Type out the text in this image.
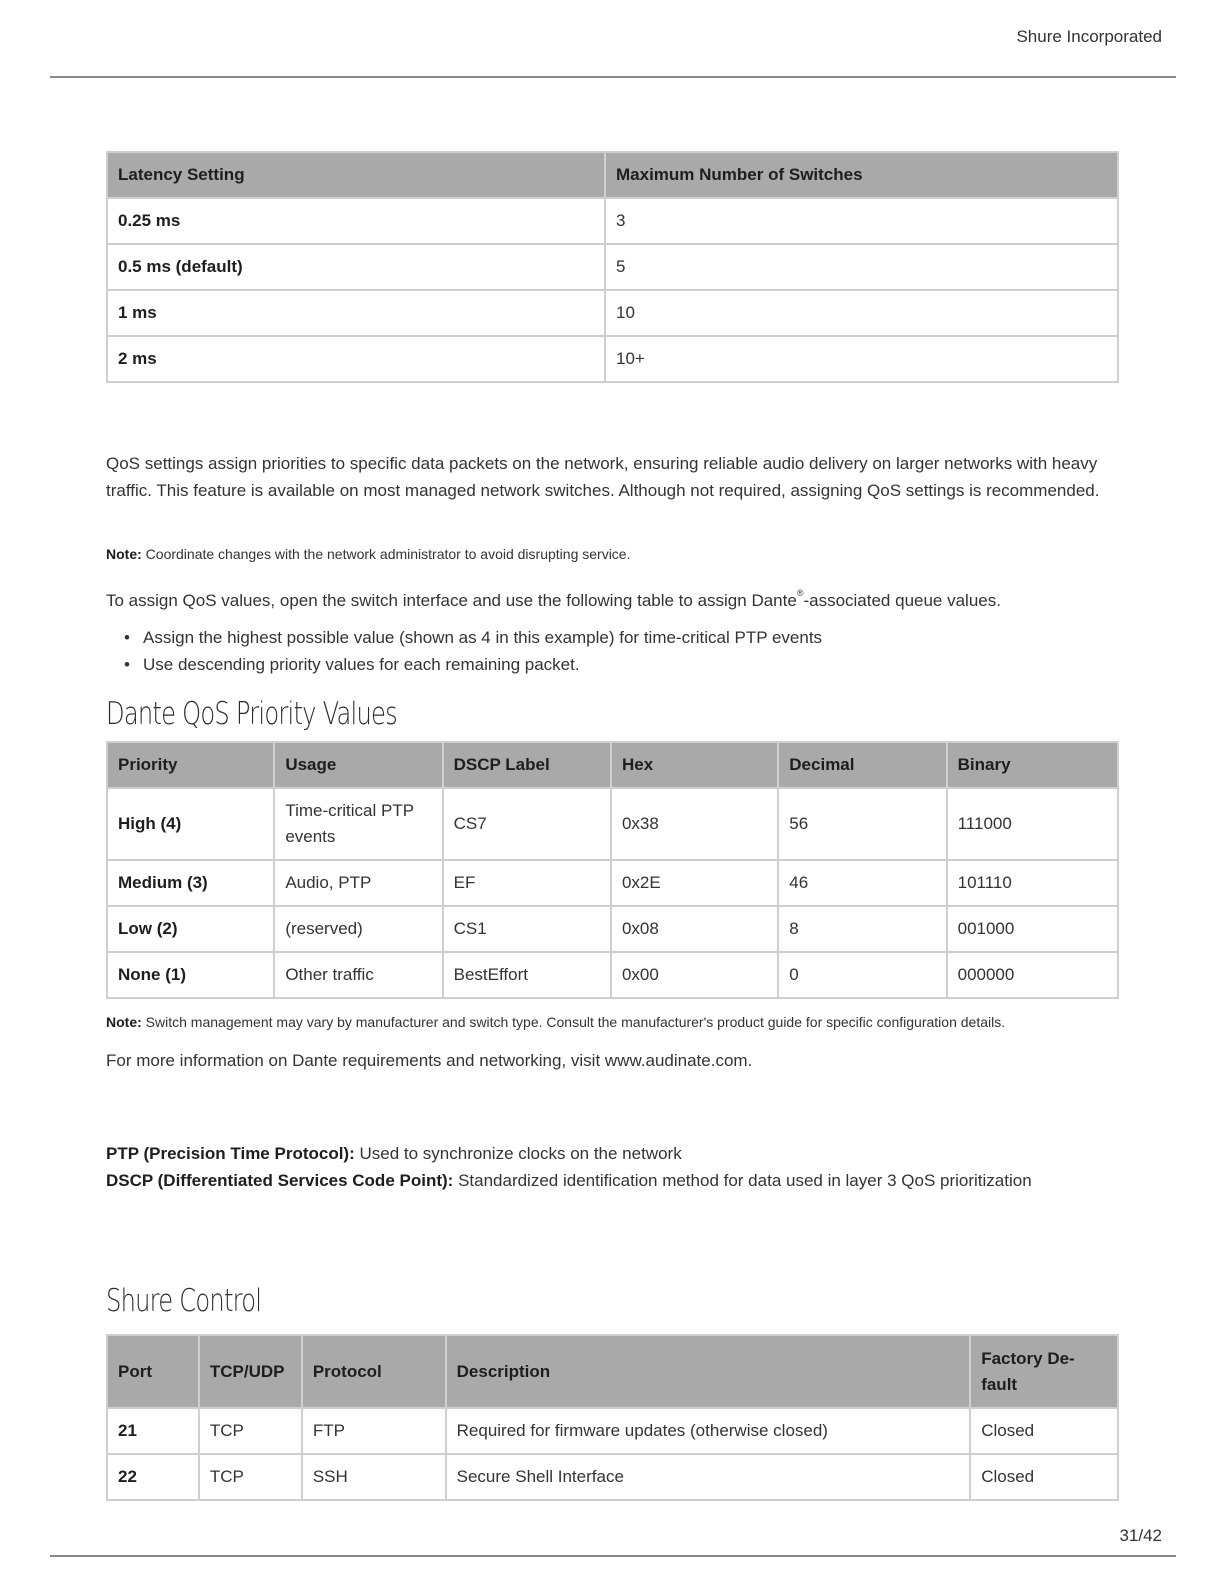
Shure Incorporated
Latency Setting	Maximum Number of Switches
0.25 ms	3
0.5 ms (default)	5
1 ms	10
2 ms	10+

QoS settings assign priorities to specific data packets on the network, ensuring reliable audio delivery on larger networks with heavy traffic. This feature is available on most managed network switches. Although not required, assigning QoS settings is recommended.

Note: Coordinate changes with the network administrator to avoid disrupting service.

To assign QoS values, open the switch interface and use the following table to assign Dante®-associated queue values.

• Assign the highest possible value (shown as 4 in this example) for time-critical PTP events
• Use descending priority values for each remaining packet.
Dante QoS Priority Values
Priority	Usage	DSCP Label	Hex	Decimal	Binary
High (4)	Time-critical PTP events	CS7	0x38	56	111000
Medium (3)	Audio, PTP	EF	0x2E	46	101110
Low (2)	(reserved)	CS1	0x08	8	001000
None (1)	Other traffic	BestEffort	0x00	0	000000

Note: Switch management may vary by manufacturer and switch type. Consult the manufacturer's product guide for specific configuration details.

For more information on Dante requirements and networking, visit www.audinate.com.

PTP (Precision Time Protocol): Used to synchronize clocks on the network

DSCP (Differentiated Services Code Point): Standardized identification method for data used in layer 3 QoS prioritization

Shure Control
Port	TCP/UDP	Protocol	Description	Factory De-fault
21	TCP	FTP	Required for firmware updates (otherwise closed)	Closed
22	TCP	SSH	Secure Shell Interface	Closed
31/42
